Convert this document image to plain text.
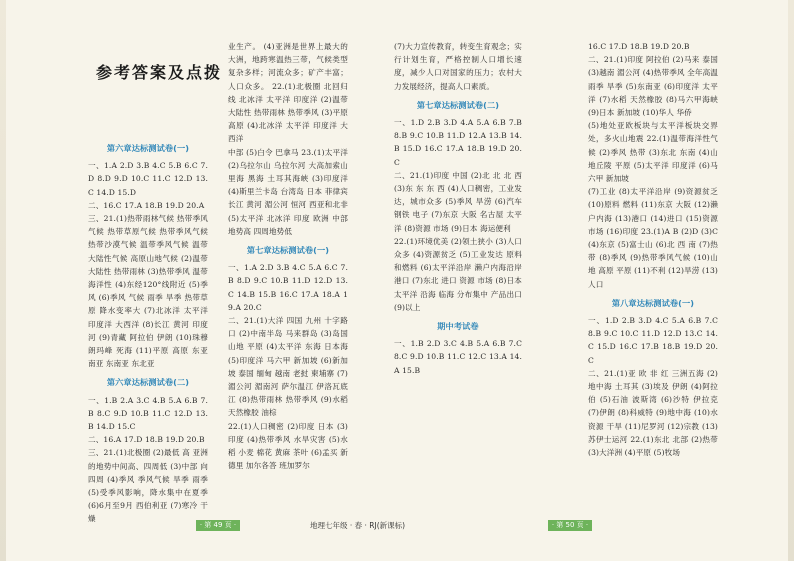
参考答案及点拨

第六章达标测试卷(一)

一、1.A 2.D 3.B 4.C 5.B 6.C 7.D 8.D 9.D 10.C 11.C 12.D 13.C 14.D 15.D

二、16.C 17.A 18.B 19.D 20.A

三、21.(1)热带雨林气候 热带季风气候 热带草原气候 热带季风气候 热带沙漠气候 温带季风气候 温带大陆性气候 高原山地气候 (2)温带大陆性 热带雨林 (3)热带季风 温带海洋性 (4)东经120°线附近 (5)季风 (6)季风 气候 雨季 旱季 热带草原 降水变率大 (7)北冰洋 太平洋 印度洋 大西洋 (8)长江 黄河 印度河 (9)青藏 阿拉伯 伊朗 (10)珠穆朗玛峰 死海 (11)平原 高原 东亚 南亚 东南亚 东北亚

第六章达标测试卷(二)

一、1.B 2.A 3.C 4.B 5.A 6.B 7.B 8.C 9.D 10.B 11.C 12.D 13.B 14.D 15.C

二、16.A 17.D 18.B 19.D 20.B

三、21.(1)北极圈 (2)最低 高 亚洲的地势中间高、四周低 (3)中部 向四周 (4)季风 季风气候 旱季 雨季 (5)受季风影响，降水集中在夏季 (6)6月至9月 西伯利亚 (7)寒冷 干燥

业生产。 (4)亚洲是世界上最大的大洲，地跨寒温热三带，气候类型复杂多样；河流众多；矿产丰富；人口众多。 22.(1)北极圈 北回归线 北冰洋 太平洋 印度洋 (2)温带大陆性 热带雨林 热带季风 (3)平原 高原 (4)北冰洋 太平洋 印度洋 大西洋

中部 (5)白令 巴拿马 23.(1)太平洋 (2)乌拉尔山 乌拉尔河 大高加索山 里海 黑海 土耳其海峡 (3)印度洋 (4)斯里兰卡岛 台湾岛 日本 菲律宾 长江 黄河 湄公河 恒河 西亚和北非 (5)太平洋 北冰洋 印度 欧洲 中部地势高 四周地势低

第七章达标测试卷(一)

一、1.A 2.D 3.B 4.C 5.A 6.C 7.B 8.D 9.C 10.B 11.D 12.D 13.C 14.B 15.B 16.C 17.A 18.A 19.A 20.C

二、21.(1)大洋 四国 九州 十字路口 (2)中南半岛 马来群岛 (3)岛国 山地 平原 (4)太平洋 东海 日本海 (5)印度洋 马六甲 新加坡 (6)新加坡 泰国 缅甸 越南 老挝 柬埔寨 (7)湄公河 湄南河 萨尔温江 伊洛瓦底江 (8)热带雨林 热带季风 (9)水稻 天然橡胶 油棕

22.(1)人口稠密 (2)印度 日本 (3)印度 (4)热带季风 水旱灾害 (5)水稻 小麦 棉花 黄麻 茶叶 (6)孟买 新德里 加尔各答 班加罗尔

(7)大力宣传教育，转变生育观念；实行计划生育，严格控制人口增长速度，减少人口对国家的压力；农村大力发展经济，提高人口素质。

第七章达标测试卷(二)

一、1.D 2.B 3.D 4.A 5.A 6.B 7.B 8.B 9.C 10.B 11.D 12.A 13.B 14.B 15.D 16.C 17.A 18.B 19.D 20.C

二、21.(1)印度 中国 (2)北 北 北 西 (3)东 东 东 西 (4)人口稠密，工业发达，城市众多 (5)季风 旱涝 (6)汽车 钢铁 电子 (7)东京 大阪 名古屋 太平洋 (8)资源 市场 (9)日本 海运便利

22.(1)环境优美 (2)领土狭小 (3)人口众多 (4)资源贫乏 (5)工业发达 原料和燃料 (6)太平洋沿岸 濑户内海沿岸 港口 (7)东北 进口 资源 市场 (8)日本 太平洋 沿海 临海 分布集中 产品出口 (9)以上

期中考试卷

一、1.B 2.D 3.C 4.B 5.A 6.B 7.C 8.C 9.D 10.B 11.C 12.C 13.A 14.A 15.B

16.C 17.D 18.B 19.D 20.B

二、21.(1)印度 阿拉伯 (2)马来 泰国 (3)越南 湄公河 (4)热带季风 全年高温 雨季 旱季 (5)东南亚 (6)印度洋 太平洋 (7)水稻 天然橡胶 (8)马六甲海峡 (9)日本 新加坡 (10)华人 华侨

(5)地处亚欧板块与太平洋板块交界处，多火山地震 22.(1)温带海洋性气候 (2)季风 热带 (3)东北 东南 (4)山地丘陵 平原 (5)太平洋 印度洋 (6)马六甲 新加坡

(7)工业 (8)太平洋沿岸 (9)资源贫乏 (10)原料 燃料 (11)东京 大阪 (12)濑户内海 (13)港口 (14)进口 (15)资源 市场 (16)印度 23.(1)A B (2)D (3)C (4)东京 (5)富士山 (6)北 西 南 (7)热带 (8)季风 (9)热带季风气候 (10)山地 高原 平原 (11)不利 (12)旱涝 (13)人口

第八章达标测试卷(一)

一、1.D 2.B 3.D 4.C 5.A 6.B 7.C 8.B 9.C 10.C 11.D 12.D 13.C 14.C 15.D 16.C 17.B 18.B 19.D 20.C

二、21.(1)亚 欧 非 红 三洲五海 (2)地中海 土耳其 (3)埃及 伊朗 (4)阿拉伯 (5)石油 波斯湾 (6)沙特 伊拉克 (7)伊朗 (8)科威特 (9)地中海 (10)水资源 干旱 (11)尼罗河 (12)宗教 (13)苏伊士运河 22.(1)东北 北部 (2)热带 (3)大洋洲 (4)平原 (5)牧场

· 第 49 页 ·	地理七年级 · 春 · RJ(新课标)	· 第 50 页 ·
